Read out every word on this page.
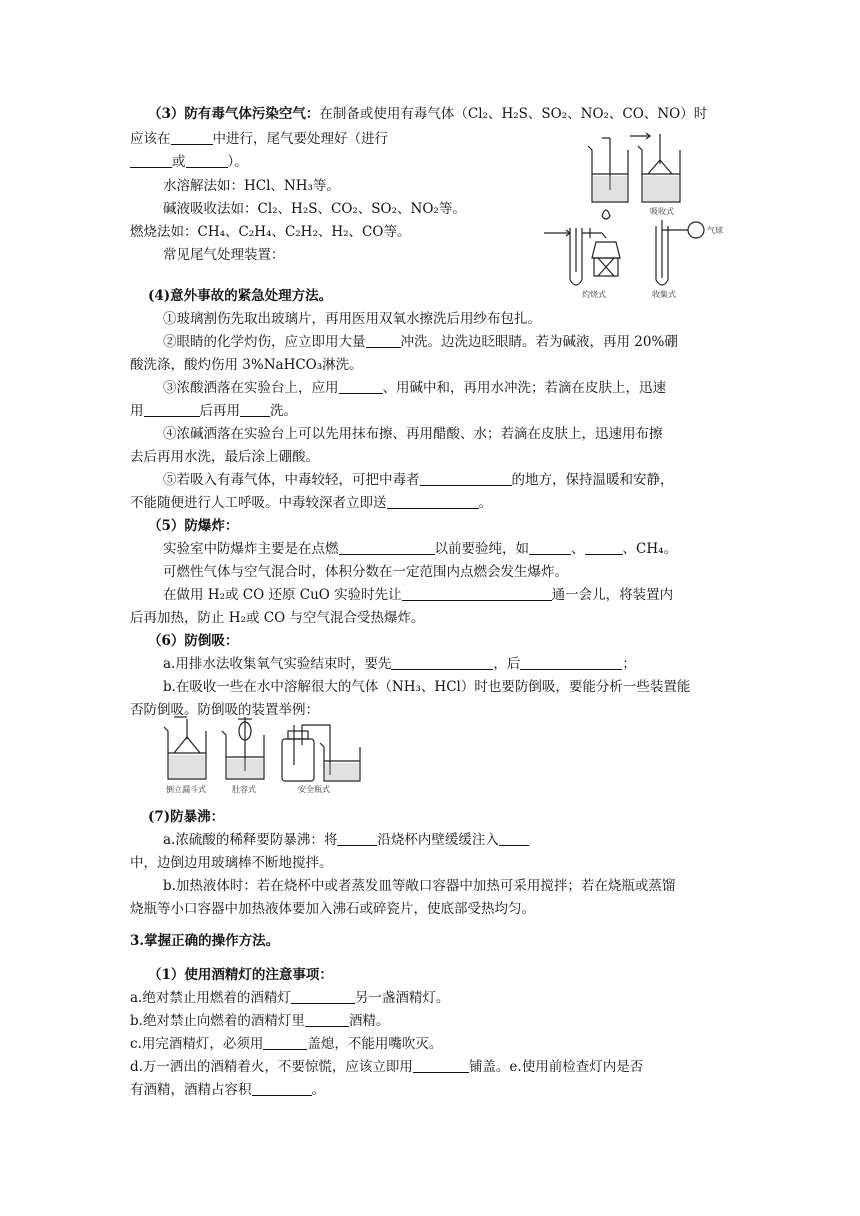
（3）防有毒气体污染空气：在制备或使用有毒气体（Cl₂、H₂S、SO₂、NO₂、CO、NO）时
应该在	中进行，尾气要处理好（进行
或	）。
水溶解法如：HCl、NH₃等。
碱液吸收法如：Cl₂、H₂S、CO₂、SO₂、NO₂等。
燃烧法如：CH₄、C₂H₄、C₂H₂、H₂、CO等。
常见尾气处理装置：
吸收式
灼烧式
气球
收集式
(4)意外事故的紧急处理方法。
①玻璃割伤先取出玻璃片，再用医用双氧水擦洗后用纱布包扎。
②眼睛的化学灼伤，应立即用大量	冲洗。边洗边眨眼睛。若为碱液，再用 20%硼
酸洗涤，酸灼伤用 3%NaHCO₃淋洗。
③浓酸洒落在实验台上，应用	、用碱中和，再用水冲洗；若滴在皮肤上，迅速
用	后再用 洗。
④浓碱洒落在实验台上可以先用抹布擦、再用醋酸、水；若滴在皮肤上，迅速用布擦
去后再用水洗，最后涂上硼酸。
⑤若吸入有毒气体，中毒较轻，可把中毒者	的地方，保持温暖和安静，
不能随便进行人工呼吸。中毒较深者立即送	。
（5）防爆炸：
实验室中防爆炸主要是在点燃	以前要验纯，如	、	、CH₄。
可燃性气体与空气混合时，体积分数在一定范围内点燃会发生爆炸。
在做用 H₂或 CO 还原 CuO 实验时先让	通一会儿，将装置内
后再加热，防止 H₂或 CO 与空气混合受热爆炸。
（6）防倒吸：
a.用排水法收集氧气实验结束时，要先	，后	；
b.在吸收一些在水中溶解很大的气体（NH₃、HCl）时也要防倒吸，要能分析一些装置能
否防倒吸。防倒吸的装置举例：
倒立漏斗式	肚容式	安全瓶式
(7)防暴沸：
a.浓硫酸的稀释要防暴沸：将	沿烧杯内壁缓缓注入
中，边倒边用玻璃棒不断地搅拌。
b.加热液体时：若在烧杯中或者蒸发皿等敞口容器中加热可采用搅拌；若在烧瓶或蒸馏
烧瓶等小口容器中加热液体要加入沸石或碎瓷片，使底部受热均匀。
3.掌握正确的操作方法。
（1）使用酒精灯的注意事项：
a.绝对禁止用燃着的酒精灯	另一盏酒精灯。
b.绝对禁止向燃着的酒精灯里	酒精。
c.用完酒精灯，必须用	盖熄，不能用嘴吹灭。
d.万一洒出的酒精着火，不要惊慌，应该立即用	铺盖。e.使用前检查灯内是否
有酒精，酒精占容积	。
